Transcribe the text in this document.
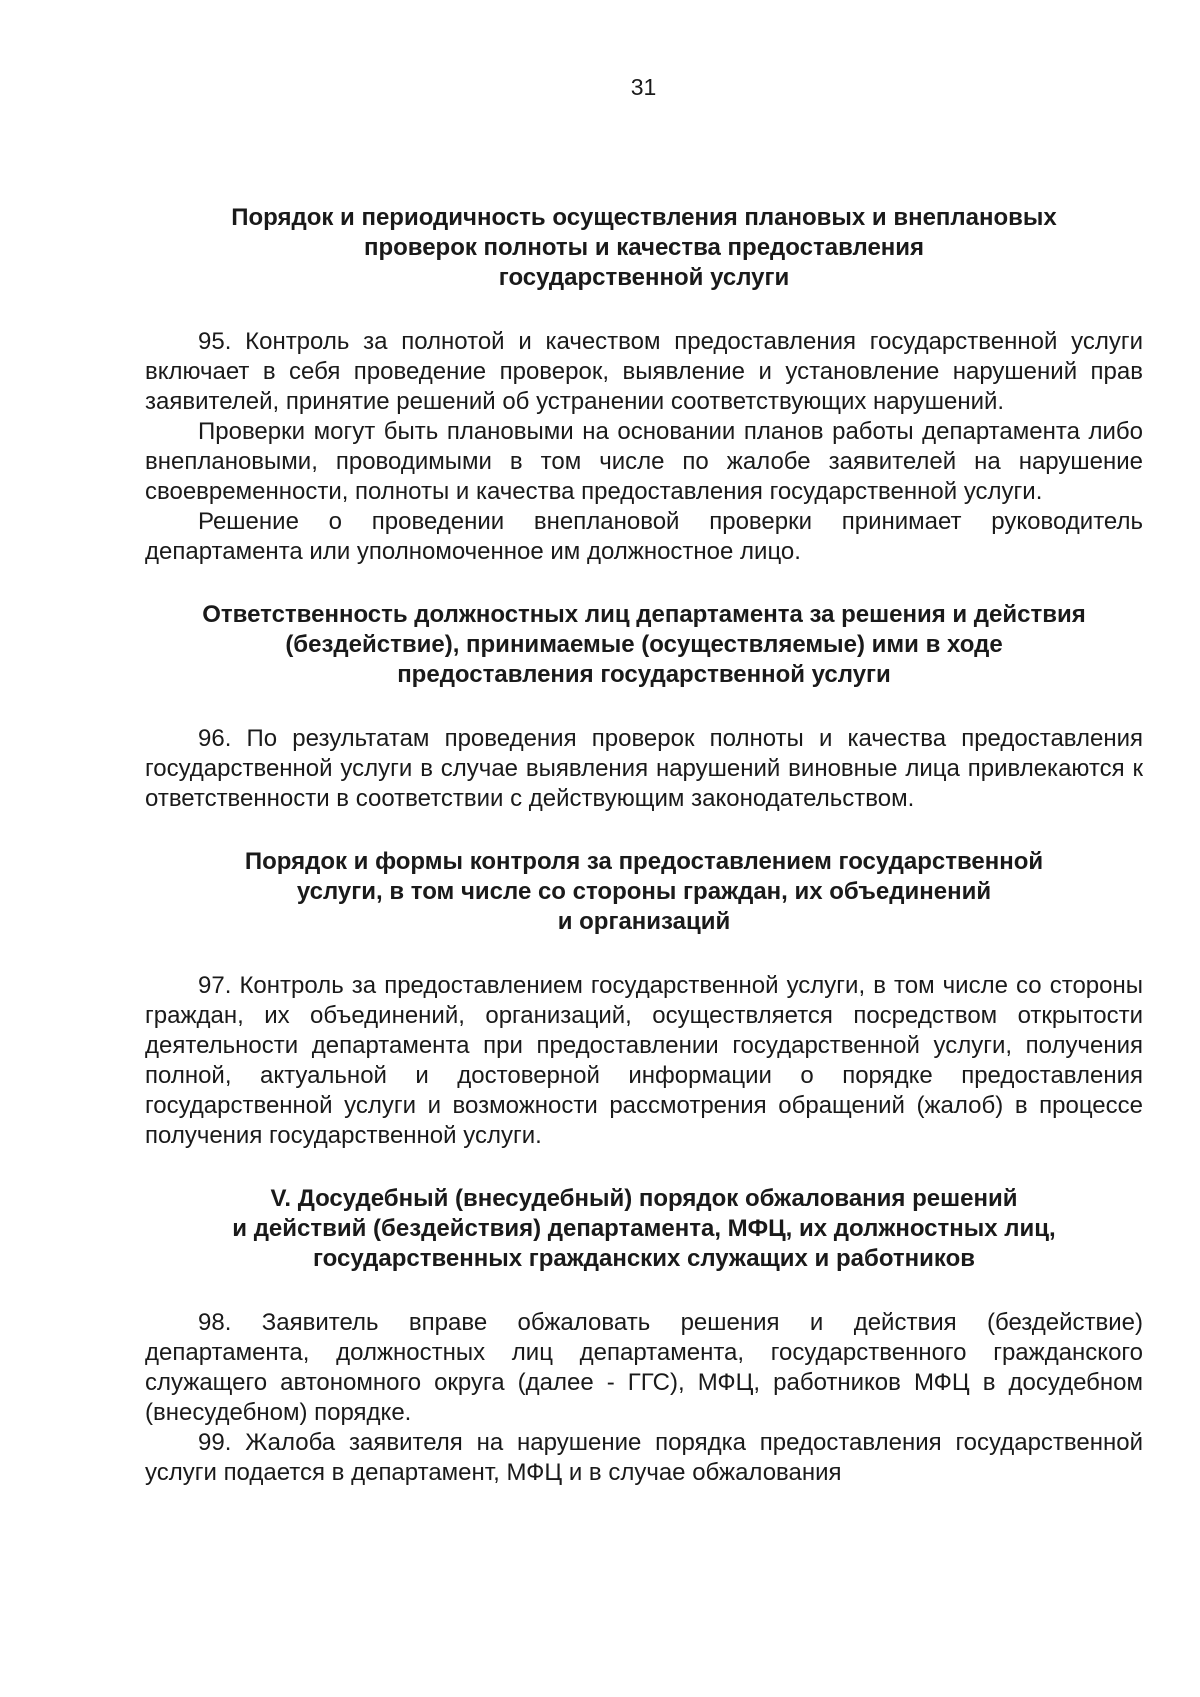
31
Порядок и периодичность осуществления плановых и внеплановых
проверок полноты и качества предоставления
государственной услуги

95. Контроль за полнотой и качеством предоставления государственной услуги включает в себя проведение проверок, выявление и установление нарушений прав заявителей, принятие решений об устранении соответствующих нарушений.

Проверки могут быть плановыми на основании планов работы департамента либо внеплановыми, проводимыми в том числе по жалобе заявителей на нарушение своевременности, полноты и качества предоставления государственной услуги.

Решение о проведении внеплановой проверки принимает руководитель департамента или уполномоченное им должностное лицо.

Ответственность должностных лиц департамента за решения и действия
(бездействие), принимаемые (осуществляемые) ими в ходе
предоставления государственной услуги

96. По результатам проведения проверок полноты и качества предоставления государственной услуги в случае выявления нарушений виновные лица привлекаются к ответственности в соответствии с действующим законодательством.

Порядок и формы контроля за предоставлением государственной
услуги, в том числе со стороны граждан, их объединений
и организаций

97. Контроль за предоставлением государственной услуги, в том числе со стороны граждан, их объединений, организаций, осуществляется посредством открытости деятельности департамента при предоставлении государственной услуги, получения полной, актуальной и достоверной информации о порядке предоставления государственной услуги и возможности рассмотрения обращений (жалоб) в процессе получения государственной услуги.

V. Досудебный (внесудебный) порядок обжалования решений
и действий (бездействия) департамента, МФЦ, их должностных лиц,
государственных гражданских служащих и работников

98. Заявитель вправе обжаловать решения и действия (бездействие) департамента, должностных лиц департамента, государственного гражданского служащего автономного округа (далее - ГГС), МФЦ, работников МФЦ в досудебном (внесудебном) порядке.

99. Жалоба заявителя на нарушение порядка предоставления государственной услуги подается в департамент, МФЦ и в случае обжалования
